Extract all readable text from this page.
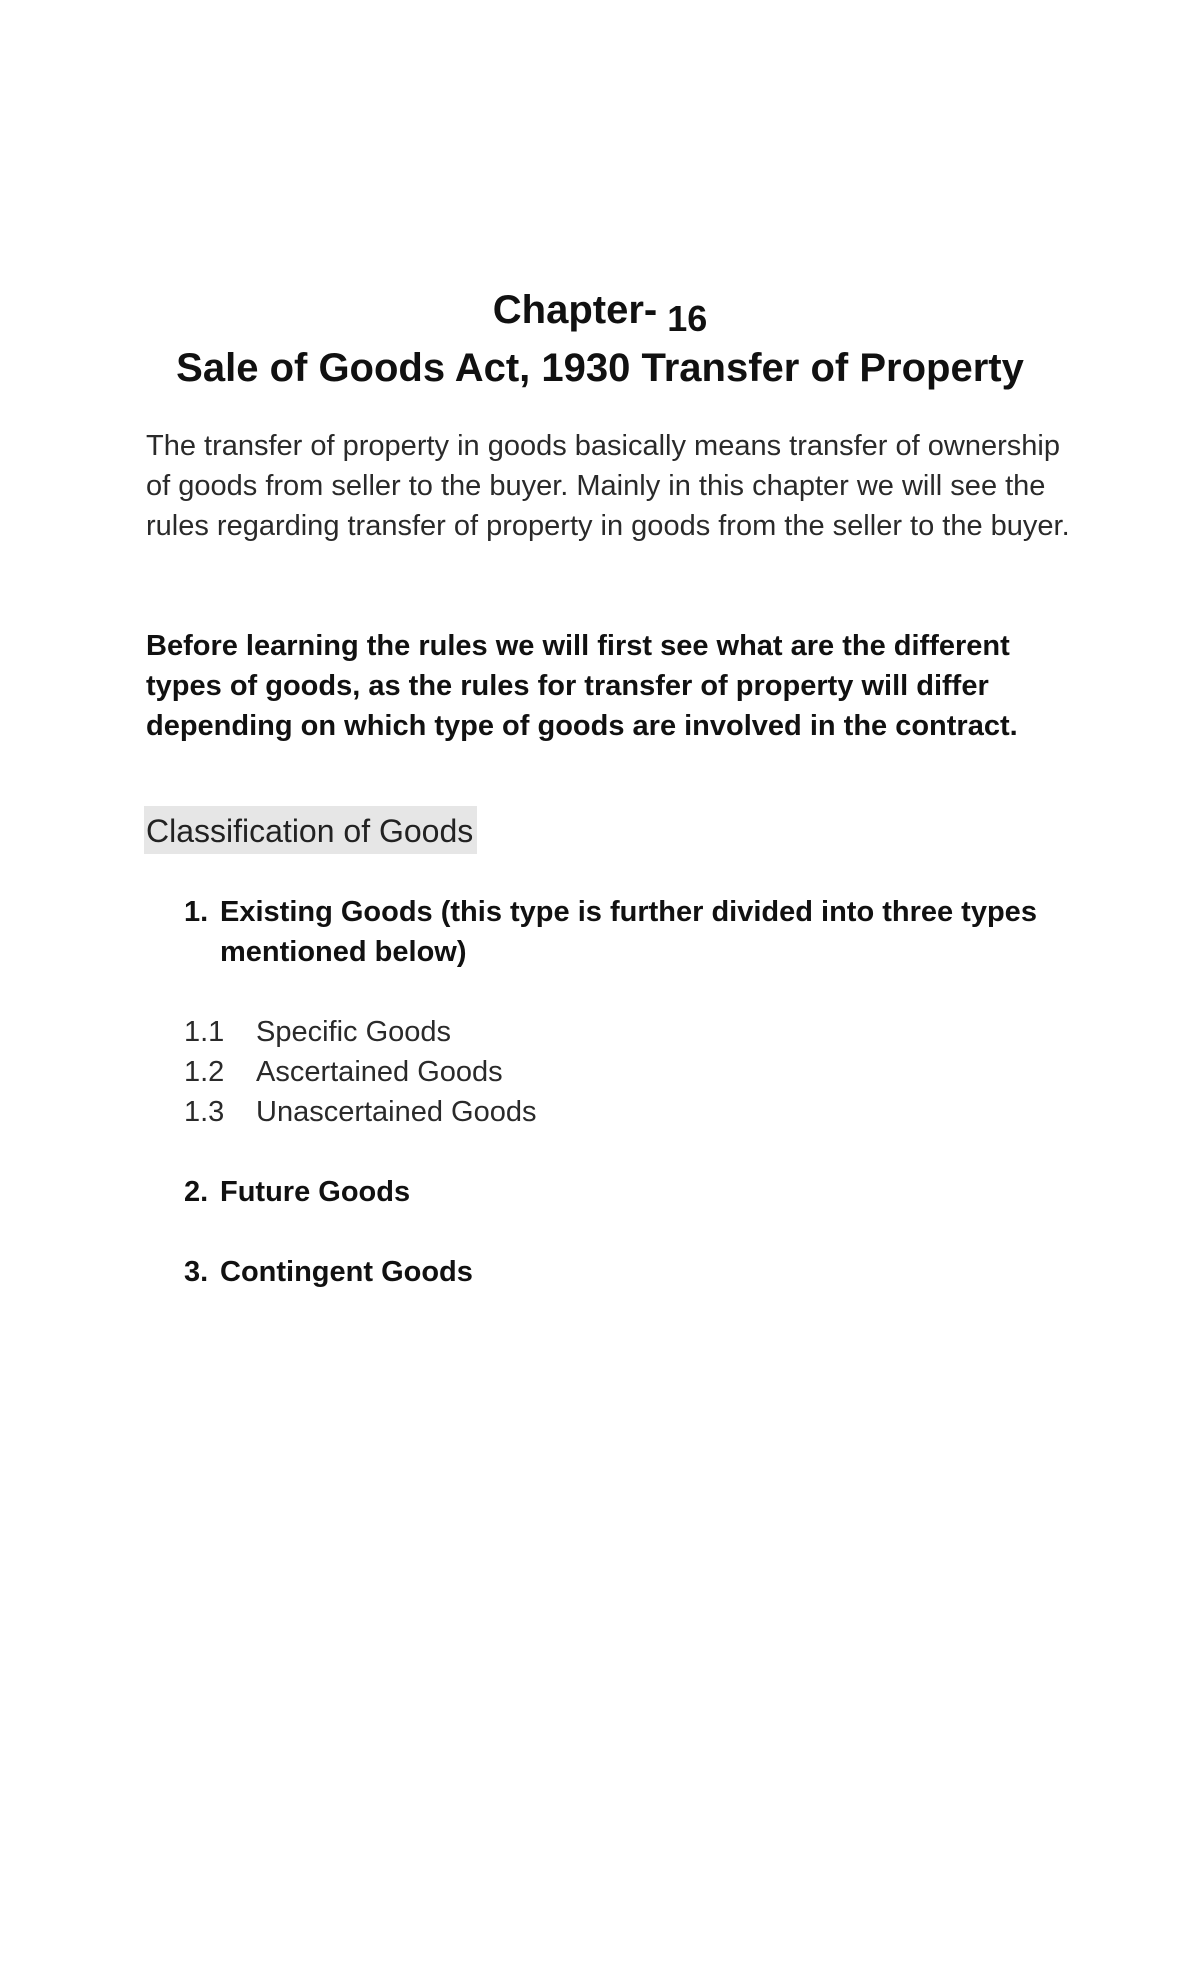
Chapter- 16
Sale of Goods Act, 1930 Transfer of Property

The transfer of property in goods basically means transfer of ownership of goods from seller to the buyer. Mainly in this chapter we will see the rules regarding transfer of property in goods from the seller to the buyer.

Before learning the rules we will first see what are the different types of goods, as the rules for transfer of property will differ depending on which type of goods are involved in the contract.

Classification of Goods
1. Existing Goods (this type is further divided into three types mentioned below)
1.1	Specific Goods
1.2	Ascertained Goods
1.3	Unascertained Goods
2. Future Goods
3. Contingent Goods
